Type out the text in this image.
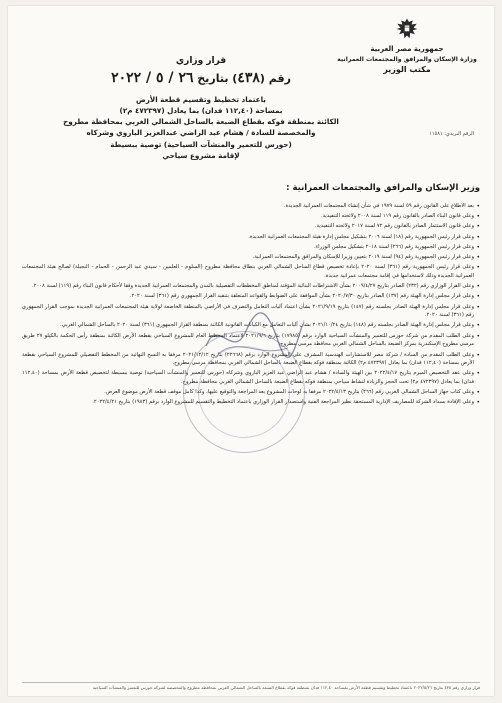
جمهورية مصر العربية
وزارة الإسكان والمرافق والمجتمعات العمرانية
مكتب الوزير
الرقم البريدي: ١١٥٨١
قرار وزاري
رقم (٤٣٨) بتاريخ ٢٦ / ٥ / ٢٠٢٢
باعتماد تخطيط وتقسيم قطعة الأرض
بمساحة (١١٢,٤٠ فدان) بما يعادل (٤٧٢٣٩٧ م٢)
الكائنة بمنطقة فوكه بقطاع الضبعة بالساحل الشمالي الغربي بمحافظة مطروح
والمخصصة للسادة / هشام عبد الراضي عبدالعزيز الباروي وشركاه
(حورس للتعمير والمنشآت السياحية) توصية ببسيطة
لإقامة مشروع سياحي
وزير الإسكان والمرافق والمجتمعات العمرانية :
• بعد الاطلاع على القانون رقم ٥٩ لسنة ١٩٧٩ في شأن إنشاء المجتمعات العمرانية الجديدة.
• وعلى قانون البناء الصادر بالقانون رقم ١١٩ لسنة ٢٠٠٨ ولائحته التنفيذية.
• وعلى قانون الاستثمار الصادر بالقانون رقم ٧٢ لسنة ٢٠١٧ ولائحته التنفيذية.
• وعلى قرار رئيس الجمهورية رقم (١٨) لسنة ٢٠٠٦ بتشكيل مجلس إدارة هيئة المجتمعات العمرانية الجديدة.
• وعلى قرار رئيس الجمهورية رقم (٢٦٦) لسنة ٢٠١٨ بتشكيل مجلس الوزراء.
• وعلى قرار رئيس الجمهورية رقم (٩٤) لسنة ٢٠١٩ بتعيين وزيرا للإسكان والمرافق والمجتمعات العمرانية.
• وعلى قرار رئيس الجمهورية رقم (٣٦١) لسنة ٢٠٢٠ بإعادة تخصيص قطاع الساحل الشمالي الغربي بنطاق محافظة مطروح (السلوم - العلمين - سيدي عبد الرحمن - الحمام - النجيلة) لصالح هيئة المجتمعات العمرانية الجديدة وذلك لاستخدامها في إقامة مجتمعات عمرانية جديدة.
• وعلى القرار الوزاري رقم (٢٣٢) الصادر بتاريخ ٢٠٠٩/٤/٢٧ بشأن الاشتراطات البنائية المؤقتة لمناطق المخططات التفصيلية بالمدن والمجتمعات العمرانية الجديدة وفقا لأحكام قانون البناء رقم (١١٩) لسنة ٢٠٠٨.
• وعلى قرار مجلس إدارة الهيئة رقم (١٣٧) الصادر بتاريخ ٢٠٢٠/٧/٣٠ بشأن الموافقة على الضوابط والقواعد المتعلقة بتنفيذ القرار الجمهوري رقم (٣٦١) لسنة ٢٠٢٠.
• وعلى قرار مجلس إدارة الهيئة الصادر بجلسته رقم (١٤٧) بتاريخ ٢٠٢١/٩/١٩ بشأن اعتماد آليات التعامل والتصرف في الأراضي بالمنطقة الخاضعة لولاية هيئة المجتمعات العمرانية الجديدة بموجب القرار الجمهوري رقم (٣٦١) لسنة ٢٠٢٠.
• وعلى قرار مجلس إدارة الهيئة الصادر بجلسته رقم (١٤٨) بتاريخ ٢٠٢١/١٠/٢٤ بشأن آليات التعامل مع الكيانات القانونية الكائنة بمنطقة القرار الجمهوري (٣٦١) لسنة ٢٠٢٠ بالساحل الشمالي الغربي.
• وعلى الطلب المقدم من شركة حورس للتعمير والمنشآت السياحية الوارد برقم (١٧٩٨٥) بتاريخ ٢٠٢١/٩/٦ لاعتماد المخطط العام للمشروع السياحي بقطعة الأرض الكائنة بمنطقة رأس الحكمة بالكيلو ٢٧ طريق مرسى مطروح الإسكندرية بمركز الضبعة بالساحل الشمالي الغربي محافظة مرسى مطروح.
• وعلى الطلب المقدم من السادة / شركة مصر للاستشارات الهندسية المشرف على المشروع الوارد برقم (٢٢٦٦٨) بتاريخ ٢٠٢١/١٢/١٢ مرفقا به النسخ النهائية من المخطط التفصيلي للمشروع السياحي بقطعة الأرض بمساحة (١١٢,٤٠ فدان) بما يعادل (٤٧٢٣٩٧ م٢) الكائنة بمنطقة فوكه بقطاع الضبعة بالساحل الشمالي الغربي بمحافظة مرسى مطروح.
• وعلى عقد التخصيص المبرم بتاريخ ٢٠٢٢/٤/١٧ بين الهيئة والسادة / هشام عبد الراضي عبد العزيز الباروي وشركاه (حورس للتعمير والمنشآت السياحية) توصية ببسيطة لتخصيص قطعة الأرض بمساحة (١١٢,٤٠ فدان) بما يعادل (٤٧٢٣٩٧ م٢) تحت الحجز والزيادة لنشاط سياحي بمنطقة فوكه بقطاع الضبعة بالساحل الشمالي الغربي محافظة مطروح.
• وعلى كتاب جهاز الساحل الشمالي الغربي رقم (٢٦٦) بتاريخ ٢٠٢٢/٤/١٣ مرفقا به لوحات المشروع بعد المراجعة والتوقيع عليها، وكذا كامل موقف قطعة الأرض موضوع العرض.
• وعلى الإفادة بسداد الشركة للمصاريف الإدارية المستحقة نظير المراجعة الفنية واستصدار القرار الوزاري باعتماد التخطيط والتقسيم للمشروع الوارد برقم (١٩٨٣) بتاريخ ٢٠٢٢/٤/٢١.
قرار وزاري رقم ٤٣٨ بتاريخ ٢٠٢٢/٥/٢٦ باعتماد تخطيط وتقسيم قطعة الأرض بمساحة ١١٢,٤٠ فدان بمنطقة فوكه بقطاع الضبعة بالساحل الشمالي الغربي بمحافظة مطروح والمخصصة لشركة حورس للتعمير والمنشآت السياحية
